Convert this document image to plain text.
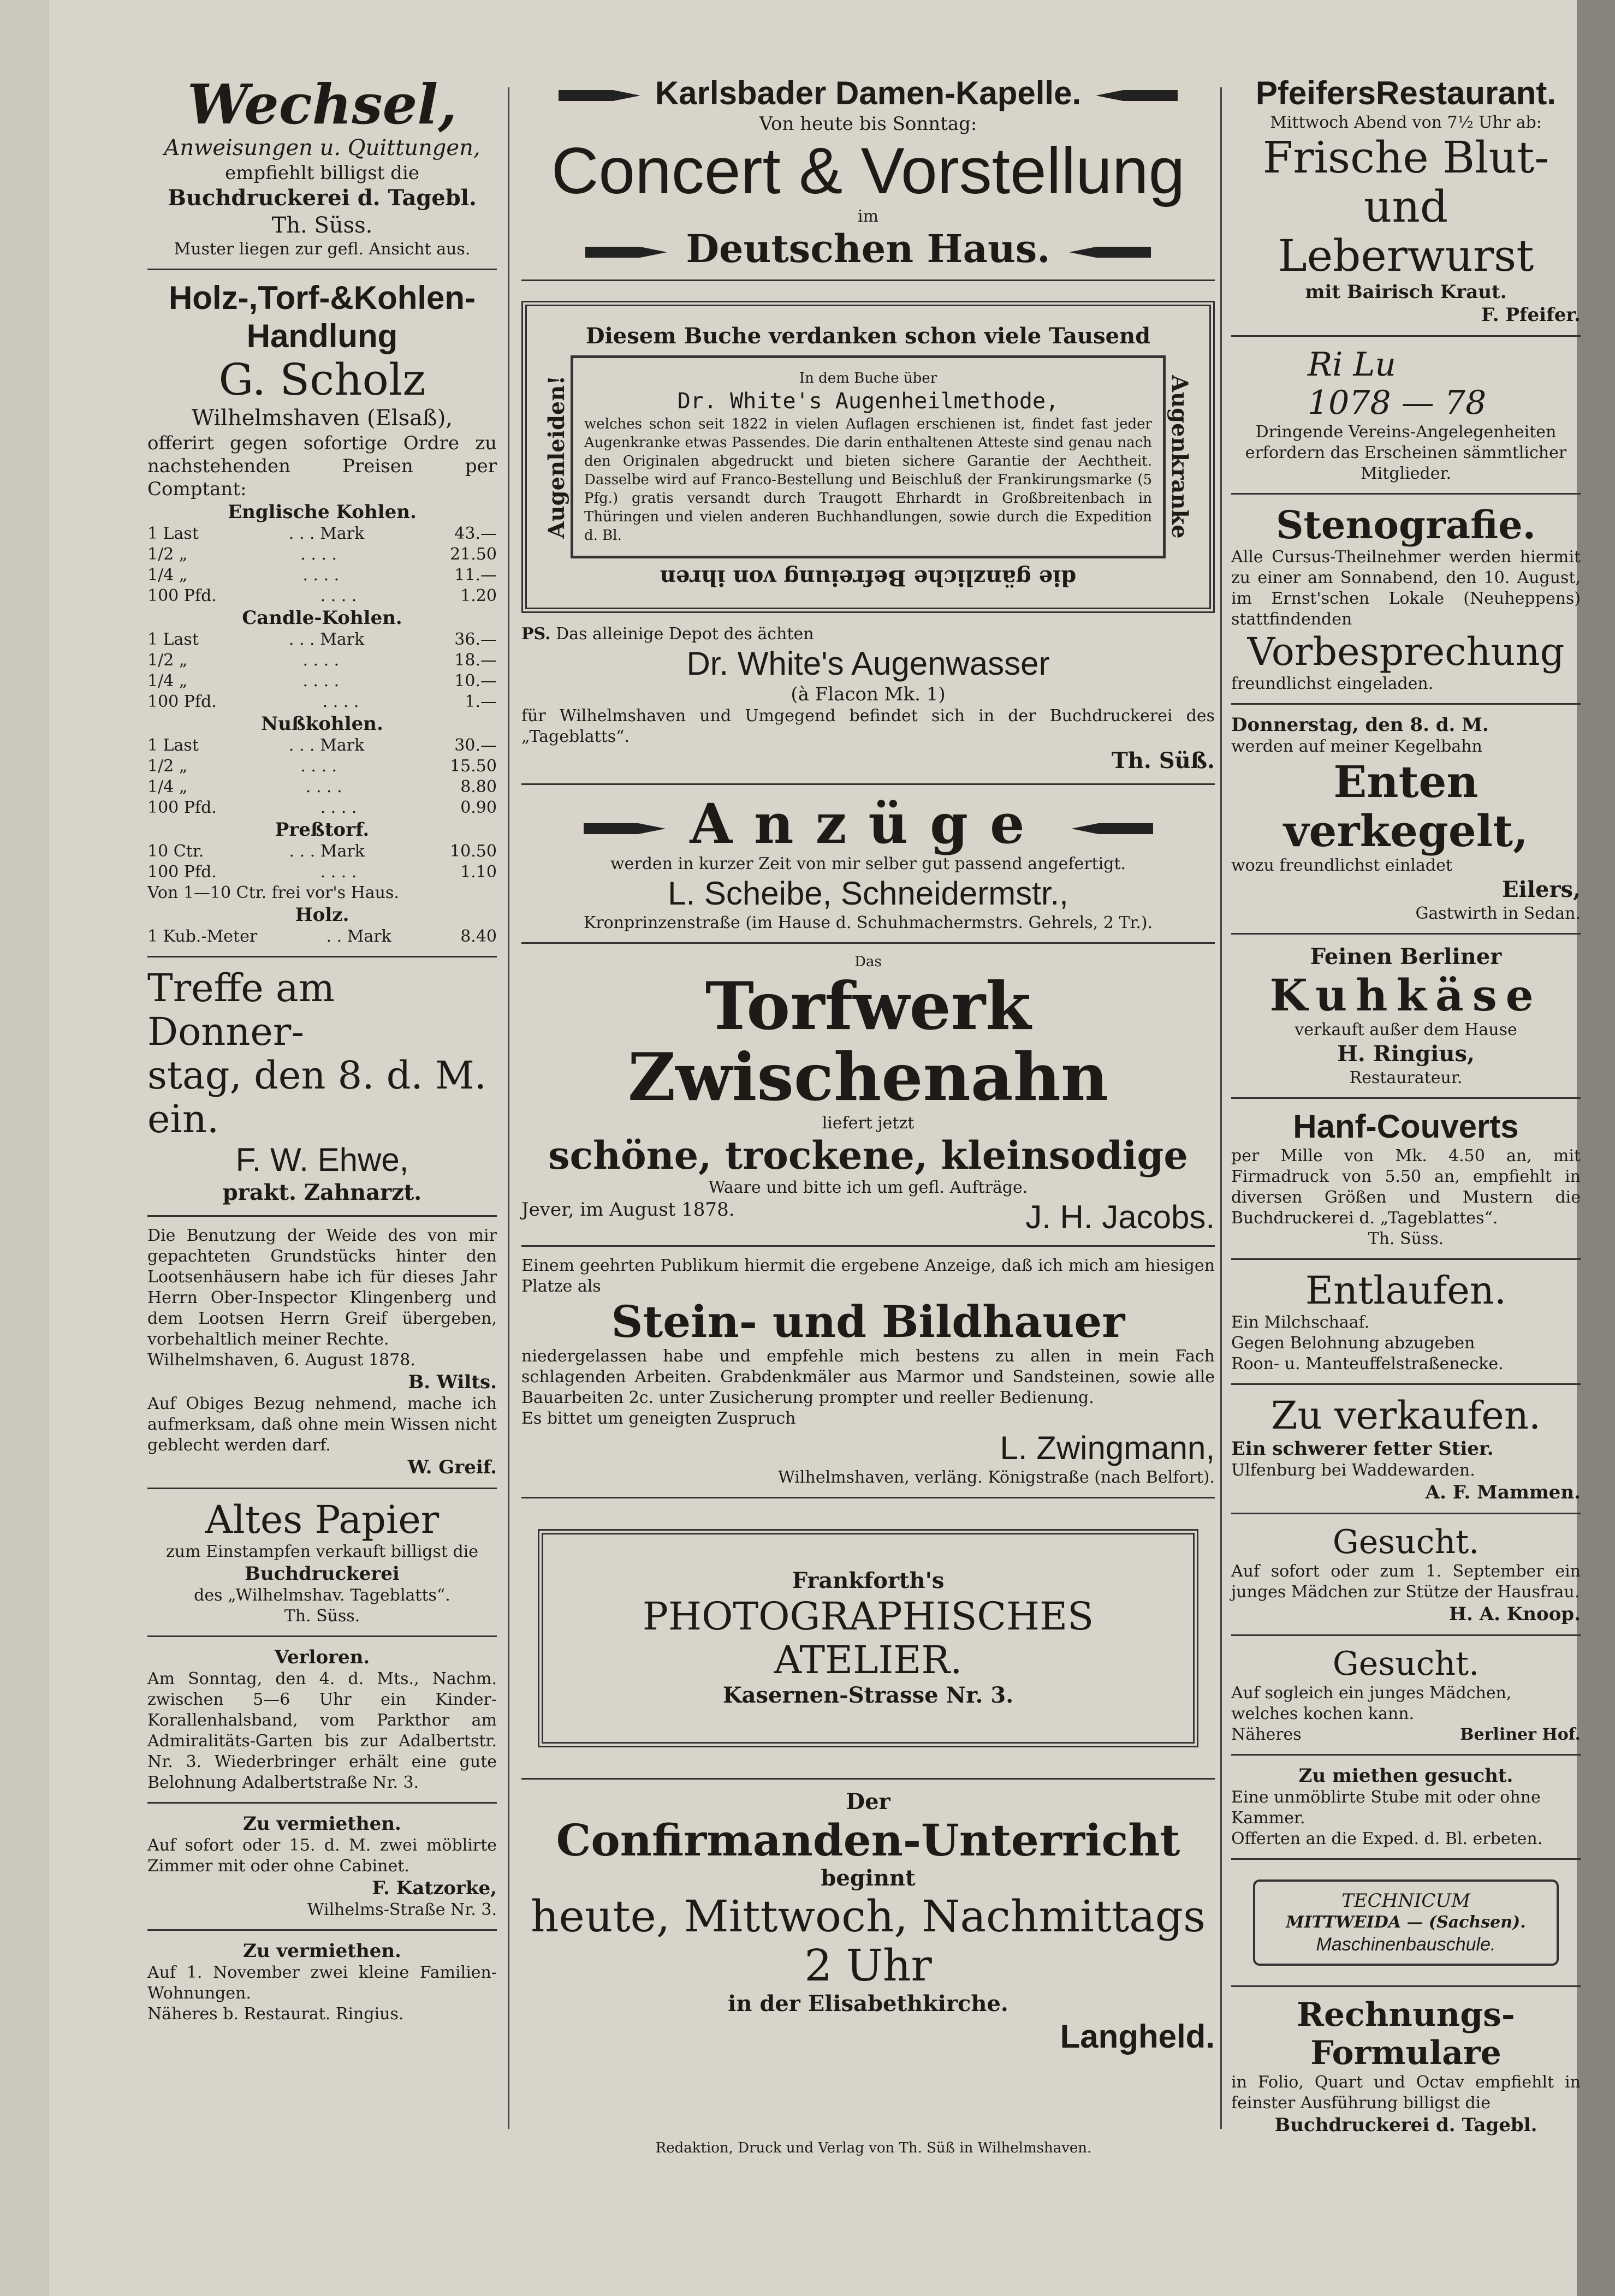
Wechsel,
Anweisungen u. Quittungen,
empfiehlt billigst die
Buchdruckerei d. Tagebl.
Th. Süss.
Muster liegen zur gefl. Ansicht aus.
Holz-,Torf-&Kohlen-
Handlung
G. Scholz
Wilhelmshaven (Elsaß),
offerirt gegen sofortige Ordre zu nachstehenden Preisen per Comptant:
Englische Kohlen.
1 Last	. . . Mark	43.—
1/2 „	. . . .	21.50
1/4 „	. . . .	11.—
100 Pfd.	. . . .	1.20
Candle-Kohlen.
1 Last	. . . Mark	36.—
1/2 „	. . . .	18.—
1/4 „	. . . .	10.—
100 Pfd.	. . . .	1.—
Nußkohlen.
1 Last	. . . Mark	30.—
1/2 „	. . . .	15.50
1/4 „	. . . .	8.80
100 Pfd.	. . . .	0.90
Preßtorf.
10 Ctr.	. . . Mark	10.50
100 Pfd.	. . . .	1.10
Von 1—10 Ctr. frei vor's Haus.
Holz.
1 Kub.-Meter	. . Mark	8.40
Treffe am Donner-
stag, den 8. d. M.
ein.
F. W. Ehwe,
prakt. Zahnarzt.
Die Benutzung der Weide des von mir gepachteten Grundstücks hinter den Lootsenhäusern habe ich für dieses Jahr Herrn Ober-Inspector Klingenberg und dem Lootsen Herrn Greif übergeben, vorbehaltlich meiner Rechte.
Wilhelmshaven, 6. August 1878.
B. Wilts.
Auf Obiges Bezug nehmend, mache ich aufmerksam, daß ohne mein Wissen nicht geblecht werden darf.
W. Greif.
Altes Papier
zum Einstampfen verkauft billigst die
Buchdruckerei
des „Wilhelmshav. Tageblatts“.
Th. Süss.
Verloren.
Am Sonntag, den 4. d. Mts., Nachm. zwischen 5—6 Uhr ein Kinder-Korallenhalsband, vom Parkthor am Admiralitäts-Garten bis zur Adalbertstr. Nr. 3. Wiederbringer erhält eine gute Belohnung Adalbertstraße Nr. 3.
Zu vermiethen.
Auf sofort oder 15. d. M. zwei möblirte Zimmer mit oder ohne Cabinet.
F. Katzorke,
Wilhelms-Straße Nr. 3.
Zu vermiethen.
Auf 1. November zwei kleine Familien-Wohnungen.
Näheres b. Restaurat. Ringius.
Karlsbader Damen-Kapelle.
Von heute bis Sonntag:
Concert & Vorstellung
im
Deutschen Haus.
Diesem Buche verdanken schon viele Tausend
Augenleiden!	In dem Buche über
Dr. White's Augenheilmethode,
welches schon seit 1822 in vielen Auflagen erschienen ist, findet fast jeder Augenkranke etwas Passendes. Die darin enthaltenen Atteste sind genau nach den Originalen abgedruckt und bieten sichere Garantie der Aechtheit. Dasselbe wird auf Franco-Bestellung und Beischluß der Frankirungsmarke (5 Pfg.) gratis versandt durch Traugott Ehrhardt in Großbreitenbach in Thüringen und vielen anderen Buchhandlungen, sowie durch die Expedition d. Bl.	Augenkranke
die gänzliche Befreiung von ihren
PS. Das alleinige Depot des ächten
Dr. White's Augenwasser
(à Flacon Mk. 1)
für Wilhelmshaven und Umgegend befindet sich in der Buchdruckerei des „Tageblatts“.
Th. Süß.
Anzüge
werden in kurzer Zeit von mir selber gut passend angefertigt.
L. Scheibe, Schneidermstr.,
Kronprinzenstraße (im Hause d. Schuhmachermstrs. Gehrels, 2 Tr.).
Das
Torfwerk Zwischenahn
liefert jetzt
schöne, trockene, kleinsodige
Waare und bitte ich um gefl. Aufträge.
Jever, im August 1878.	J. H. Jacobs.
Einem geehrten Publikum hiermit die ergebene Anzeige, daß ich mich am hiesigen Platze als
Stein- und Bildhauer
niedergelassen habe und empfehle mich bestens zu allen in mein Fach schlagenden Arbeiten. Grabdenkmäler aus Marmor und Sandsteinen, sowie alle Bauarbeiten 2c. unter Zusicherung prompter und reeller Bedienung.
Es bittet um geneigten Zuspruch
L. Zwingmann,
Wilhelmshaven, verläng. Königstraße (nach Belfort).
Frankforth's
PHOTOGRAPHISCHES ATELIER.
Kasernen-Strasse Nr. 3.
Der
Confirmanden-Unterricht
beginnt
heute, Mittwoch, Nachmittags 2 Uhr
in der Elisabethkirche.
Langheld.
PfeifersRestaurant.
Mittwoch Abend von 7½ Uhr ab:
Frische Blut- und
Leberwurst
mit Bairisch Kraut.
F. Pfeifer.
Ri Lu
1078 — 78
Dringende Vereins-Angelegenheiten erfordern das Erscheinen sämmtlicher Mitglieder.
Stenografie.
Alle Cursus-Theilnehmer werden hiermit zu einer am Sonnabend, den 10. August, im Ernst'schen Lokale (Neuheppens) stattfindenden
Vorbesprechung
freundlichst eingeladen.
Donnerstag, den 8. d. M.
werden auf meiner Kegelbahn
Enten verkegelt,
wozu freundlichst einladet
Eilers,
Gastwirth in Sedan.
Feinen Berliner
Kuhkäse
verkauft außer dem Hause
H. Ringius,
Restaurateur.
Hanf-Couverts
per Mille von Mk. 4.50 an, mit Firmadruck von 5.50 an, empfiehlt in diversen Größen und Mustern die Buchdruckerei d. „Tageblattes“.
Th. Süss.
Entlaufen.
Ein Milchschaaf.
Gegen Belohnung abzugeben
Roon- u. Manteuffelstraßenecke.
Zu verkaufen.
Ein schwerer fetter Stier.
Ulfenburg bei Waddewarden.
A. F. Mammen.
Gesucht.
Auf sofort oder zum 1. September ein junges Mädchen zur Stütze der Hausfrau.
H. A. Knoop.
Gesucht.
Auf sogleich ein junges Mädchen, welches kochen kann.
Näheres	Berliner Hof.
Zu miethen gesucht.
Eine unmöblirte Stube mit oder ohne Kammer.
Offerten an die Exped. d. Bl. erbeten.
TECHNICUM
MITTWEIDA — (Sachsen).
Maschinenbauschule.
Rechnungs-Formulare
in Folio, Quart und Octav empfiehlt in feinster Ausführung billigst die
Buchdruckerei d. Tagebl.
Redaktion, Druck und Verlag von Th. Süß in Wilhelmshaven.
